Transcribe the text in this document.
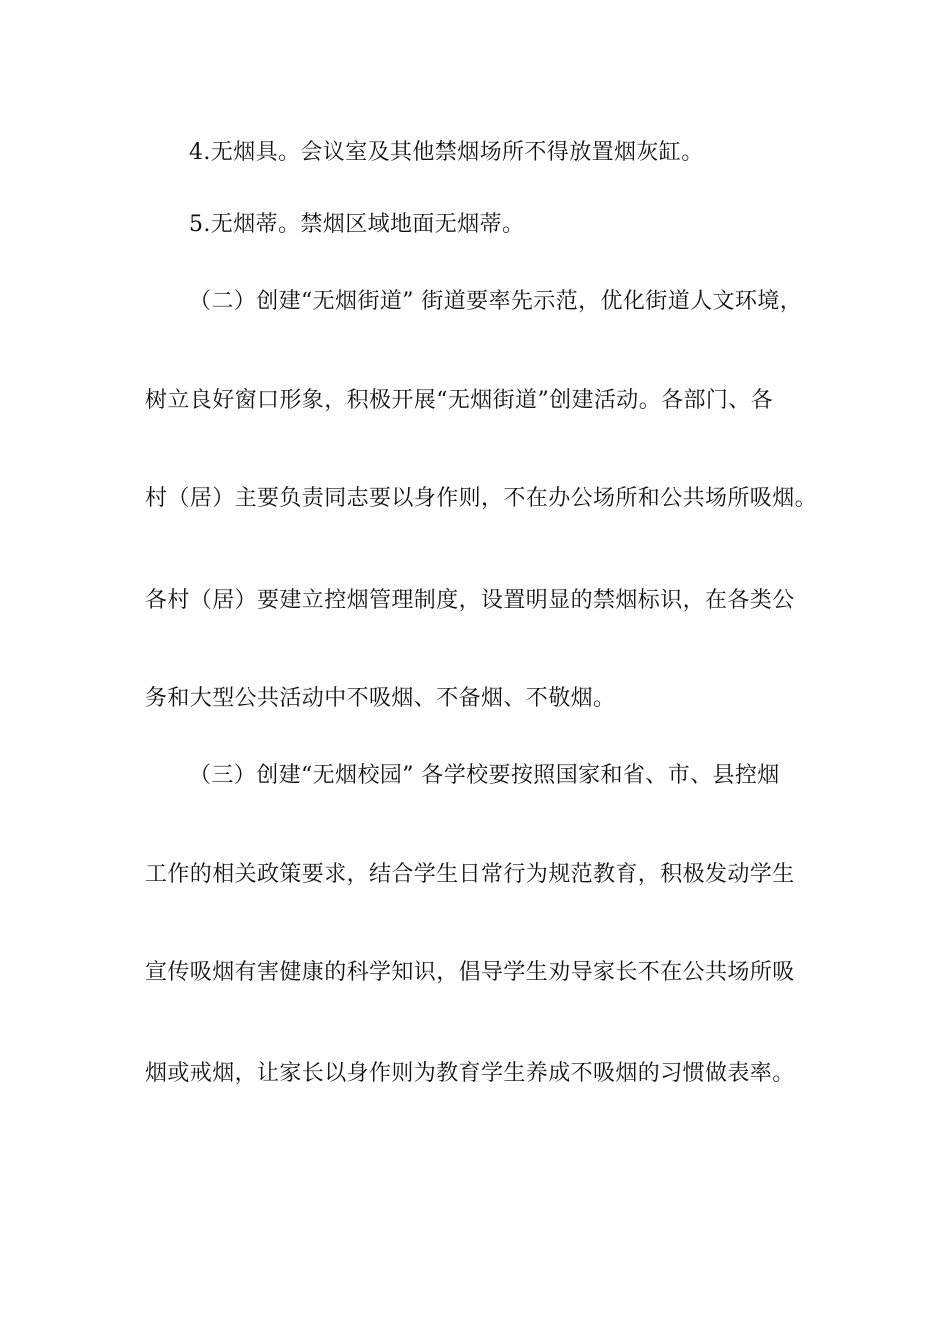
4.无烟具。会议室及其他禁烟场所不得放置烟灰缸。
5.无烟蒂。禁烟区域地面无烟蒂。
（二）创建“无烟街道” 街道要率先示范，优化街道人文环境，
树立良好窗口形象，积极开展“无烟街道”创建活动。各部门、各
村（居）主要负责同志要以身作则，不在办公场所和公共场所吸烟。
各村（居）要建立控烟管理制度，设置明显的禁烟标识，在各类公
务和大型公共活动中不吸烟、不备烟、不敬烟。
（三）创建“无烟校园” 各学校要按照国家和省、市、县控烟
工作的相关政策要求，结合学生日常行为规范教育，积极发动学生
宣传吸烟有害健康的科学知识，倡导学生劝导家长不在公共场所吸
烟或戒烟，让家长以身作则为教育学生养成不吸烟的习惯做表率。
